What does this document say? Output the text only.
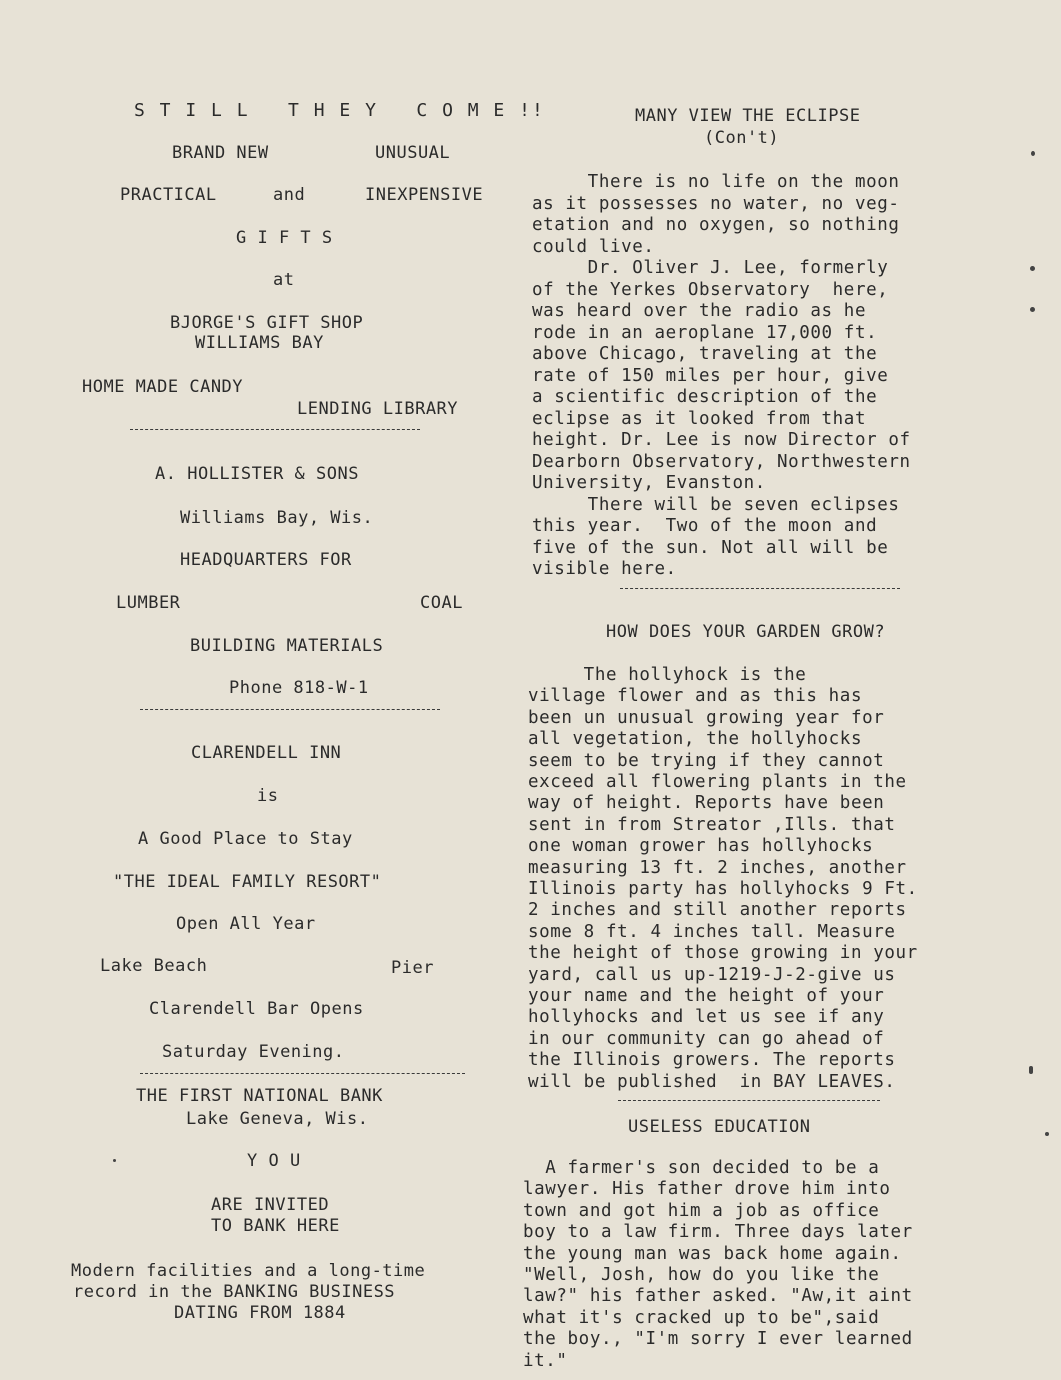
S T I L L   T H E Y   C O M E !!
BRAND NEW	UNUSUAL
PRACTICAL	and	INEXPENSIVE
G I F T S
at
BJORGE'S GIFT SHOP
WILLIAMS BAY
HOME MADE CANDY
LENDING LIBRARY
A. HOLLISTER & SONS
Williams Bay, Wis.
HEADQUARTERS FOR
LUMBER	COAL
BUILDING MATERIALS
Phone 818-W-1
CLARENDELL INN
is
A Good Place to Stay
"THE IDEAL FAMILY RESORT"
Open All Year
Lake Beach	Pier
Clarendell Bar Opens
Saturday Evening.
THE FIRST NATIONAL BANK
Lake Geneva, Wis.
Y O U
ARE INVITED
TO BANK HERE
Modern facilities and a long-time
record in the BANKING BUSINESS
DATING FROM 1884
MANY VIEW THE ECLIPSE
(Con't)
There is no life on the moon
as it possesses no water, no veg-
etation and no oxygen, so nothing
could live.
Dr. Oliver J. Lee, formerly
of the Yerkes Observatory  here,
was heard over the radio as he
rode in an aeroplane 17,000 ft.
above Chicago, traveling at the
rate of 150 miles per hour, give
a scientific description of the
eclipse as it looked from that
height. Dr. Lee is now Director of
Dearborn Observatory, Northwestern
University, Evanston.
There will be seven eclipses
this year.  Two of the moon and
five of the sun. Not all will be
visible here.
HOW DOES YOUR GARDEN GROW?
The hollyhock is the
village flower and as this has
been un unusual growing year for
all vegetation, the hollyhocks
seem to be trying if they cannot
exceed all flowering plants in the
way of height. Reports have been
sent in from Streator ,Ills. that
one woman grower has hollyhocks
measuring 13 ft. 2 inches, another
Illinois party has hollyhocks 9 Ft.
2 inches and still another reports
some 8 ft. 4 inches tall. Measure
the height of those growing in your
yard, call us up-1219-J-2-give us
your name and the height of your
hollyhocks and let us see if any
in our community can go ahead of
the Illinois growers. The reports
will be published  in BAY LEAVES.
USELESS EDUCATION
A farmer's son decided to be a
lawyer. His father drove him into
town and got him a job as office
boy to a law firm. Three days later
the young man was back home again.
"Well, Josh, how do you like the
law?" his father asked. "Aw,it aint
what it's cracked up to be",said
the boy., "I'm sorry I ever learned
it."
